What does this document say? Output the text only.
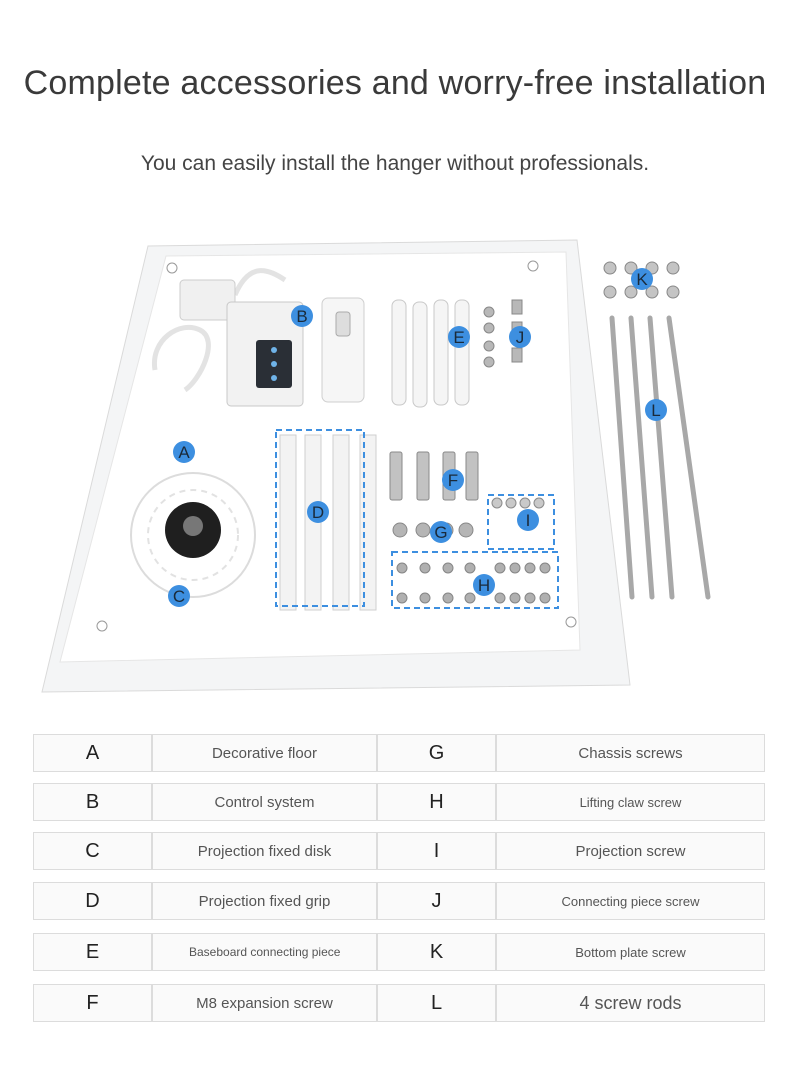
Complete accessories and worry-free installation
You can easily install the hanger without professionals.
A
B
C
D
E
F
G
H
I
J
K
L
A	Decorative floor	G	Chassis screws
B	Control system	H	Lifting claw screw
C	Projection fixed disk	I	Projection screw
D	Projection fixed grip	J	Connecting piece screw
E	Baseboard connecting piece	K	Bottom plate screw
F	M8 expansion screw	L	4 screw rods
